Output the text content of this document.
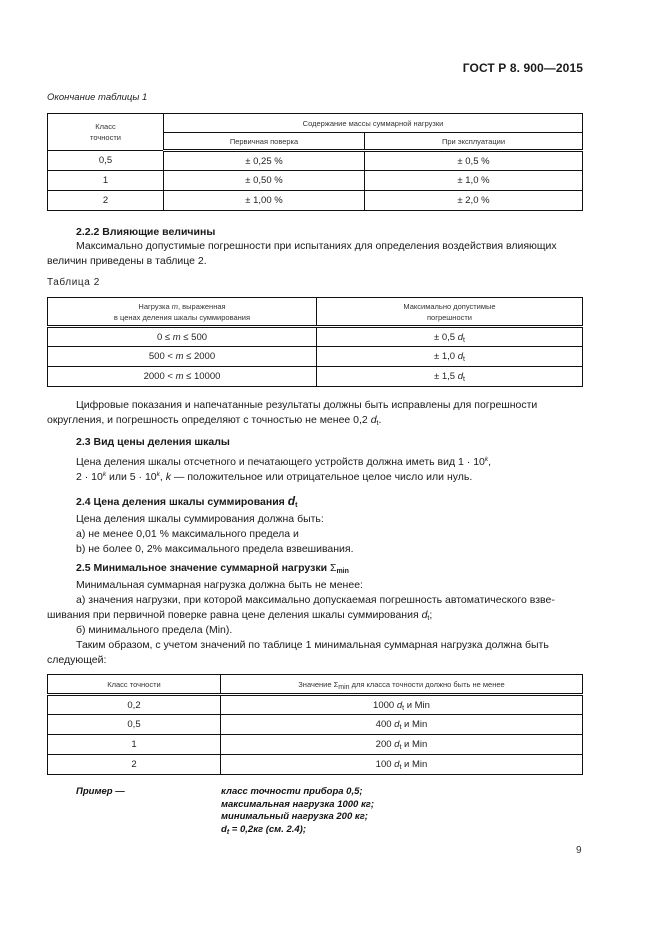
ГОСТ Р 8. 900—2015
Окончание таблицы 1
Класс
точности	Содержание массы суммарной нагрузки	
	Первичная поверка	При эксплуатации
0,5	± 0,25 %	± 0,5 %
1	± 0,50 %	± 1,0 %
2	± 1,00 %	± 2,0 %
2.2.2 Влияющие величины
Максимально допустимые погрешности при испытаниях для определения воздействия влияющих
величин приведены в таблице 2.
Таблица 2
Нагрузка m, выраженная
в ценах деления шкалы суммирования	Максимально допустимые
погрешности
0 ≤ m ≤ 500	± 0,5 $d_t$
500 < m ≤ 2000	± 1,0 $d_t$
2000 < m ≤ 10000	± 1,5 $d_t$
Цифровые показания и напечатанные результаты должны быть исправлены для погрешности
округления, и погрешность определяют с точностью не менее 0,2 $d_t$.
2.3 Вид цены деления шкалы
Цена деления шкалы отсчетного и печатающего устройств должна иметь вид $1 \cdot 10^k$,
$2 \cdot 10^k$ или $5 \cdot 10^k$, k — положительное или отрицательное целое число или нуль.
2.4 Цена деления шкалы суммирования $d_t$
Цена деления шкалы суммирования должна быть:
a) не менее 0,01 % максимального предела и
b) не более 0, 2% максимального предела взвешивания.
2.5 Минимальное значение суммарной нагрузки $\Sigma_{min}$
Минимальная суммарная нагрузка должна быть не менее:
а) значения нагрузки, при которой максимально допускаемая погрешность автоматического взве-
шивания при первичной поверке равна цене деления шкалы суммирования $d_t$;
б) минимального предела (Min).
Таким образом, с учетом значений по таблице 1 минимальная суммарная нагрузка должна быть
следующей:
Класс точности	Значение $\Sigma_{min}$ для класса точности должно быть не менее
0,2	1000 $d_t$ и Min
0,5	400 $d_t$ и Min
1	200 $d_t$ и Min
2	100 $d_t$ и Min
Пример —	класс точности прибора 0,5;
максимальная нагрузка 1000 кг;
минимальный нагрузка 200 кг;
$d_t = 0,2кг$ (см. 2.4);
9
